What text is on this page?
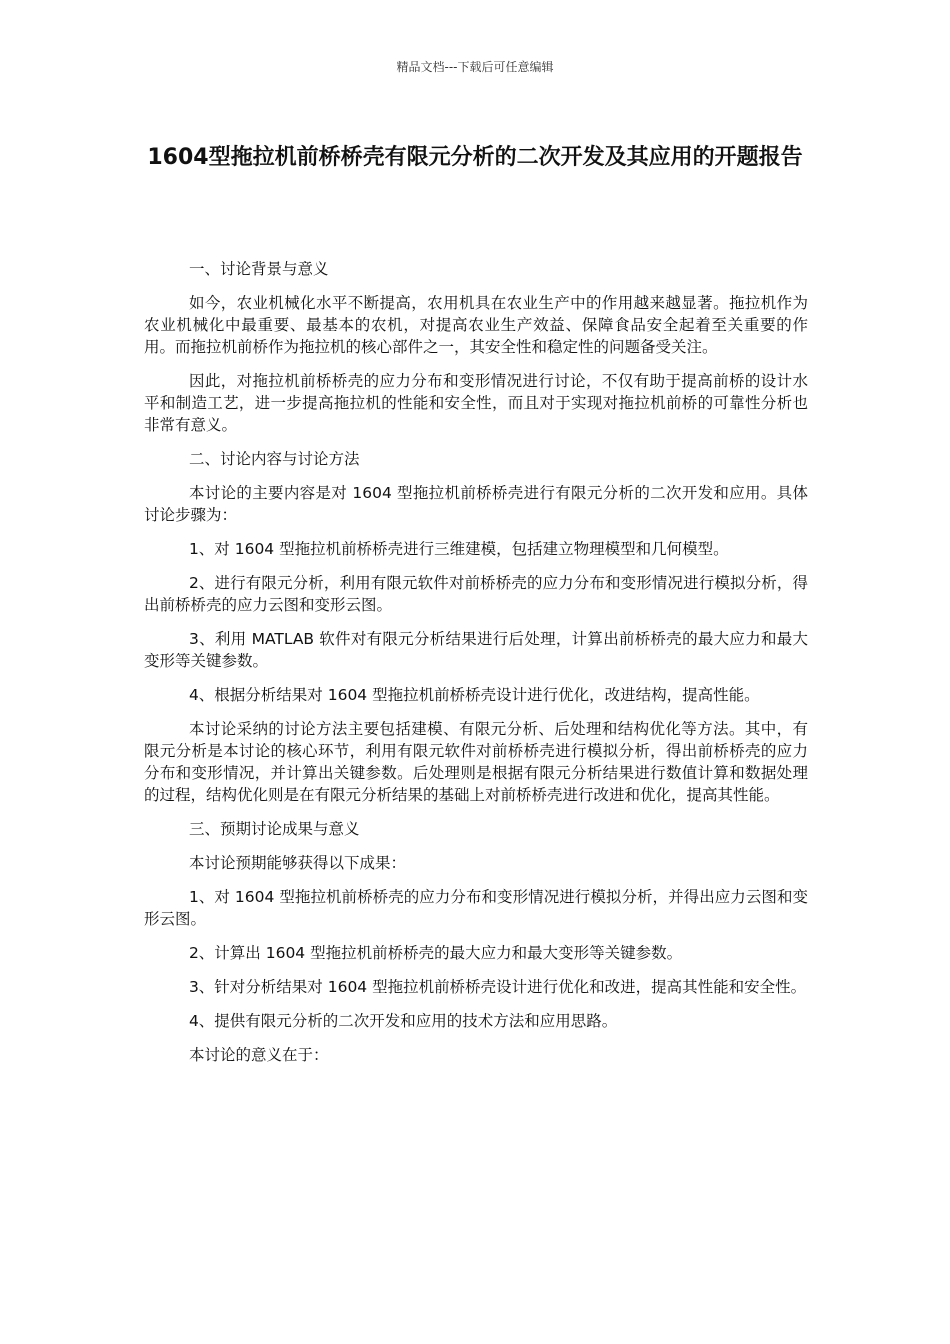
精品文档---下载后可任意编辑
1604型拖拉机前桥桥壳有限元分析的二次开发及其应用的开题报告

一、讨论背景与意义

如今，农业机械化水平不断提高，农用机具在农业生产中的作用越来越显著。拖拉机作为农业机械化中最重要、最基本的农机，对提高农业生产效益、保障食品安全起着至关重要的作用。而拖拉机前桥作为拖拉机的核心部件之一，其安全性和稳定性的问题备受关注。

因此，对拖拉机前桥桥壳的应力分布和变形情况进行讨论，不仅有助于提高前桥的设计水平和制造工艺，进一步提高拖拉机的性能和安全性，而且对于实现对拖拉机前桥的可靠性分析也非常有意义。

二、讨论内容与讨论方法

本讨论的主要内容是对 1604 型拖拉机前桥桥壳进行有限元分析的二次开发和应用。具体讨论步骤为：

1、对 1604 型拖拉机前桥桥壳进行三维建模，包括建立物理模型和几何模型。

2、进行有限元分析，利用有限元软件对前桥桥壳的应力分布和变形情况进行模拟分析，得出前桥桥壳的应力云图和变形云图。

3、利用 MATLAB 软件对有限元分析结果进行后处理，计算出前桥桥壳的最大应力和最大变形等关键参数。

4、根据分析结果对 1604 型拖拉机前桥桥壳设计进行优化，改进结构，提高性能。

本讨论采纳的讨论方法主要包括建模、有限元分析、后处理和结构优化等方法。其中，有限元分析是本讨论的核心环节，利用有限元软件对前桥桥壳进行模拟分析，得出前桥桥壳的应力分布和变形情况，并计算出关键参数。后处理则是根据有限元分析结果进行数值计算和数据处理的过程，结构优化则是在有限元分析结果的基础上对前桥桥壳进行改进和优化，提高其性能。

三、预期讨论成果与意义

本讨论预期能够获得以下成果：

1、对 1604 型拖拉机前桥桥壳的应力分布和变形情况进行模拟分析，并得出应力云图和变形云图。

2、计算出 1604 型拖拉机前桥桥壳的最大应力和最大变形等关键参数。

3、针对分析结果对 1604 型拖拉机前桥桥壳设计进行优化和改进，提高其性能和安全性。

4、提供有限元分析的二次开发和应用的技术方法和应用思路。

本讨论的意义在于：
